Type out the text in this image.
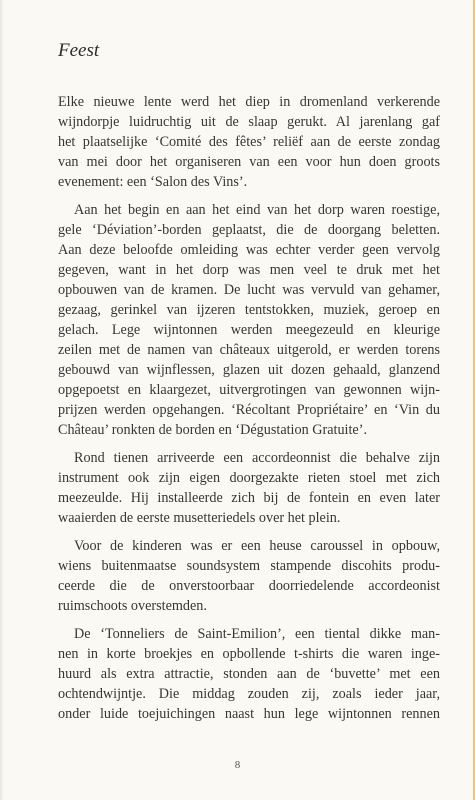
Feest

Elke nieuwe lente werd het diep in dromenland verkerende
wijndorpje luidruchtig uit de slaap gerukt. Al jarenlang gaf
het plaatselijke ‘Comité des fêtes’ reliëf aan de eerste zondag
van mei door het organiseren van een voor hun doen groots
evenement: een ‘Salon des Vins’.

Aan het begin en aan het eind van het dorp waren roestige,
gele ‘Déviation’-borden geplaatst, die de doorgang beletten.
Aan deze beloofde omleiding was echter verder geen vervolg
gegeven, want in het dorp was men veel te druk met het
opbouwen van de kramen. De lucht was vervuld van gehamer,
gezaag, gerinkel van ijzeren tentstokken, muziek, geroep en
gelach. Lege wijntonnen werden meegezeuld en kleurige
zeilen met de namen van châteaux uitgerold, er werden torens
gebouwd van wijnflessen, glazen uit dozen gehaald, glanzend
opgepoetst en klaargezet, uitvergrotingen van gewonnen wijn-
prijzen werden opgehangen. ‘Récoltant Propriétaire’ en ‘Vin du
Château’ ronkten de borden en ‘Dégustation Gratuite’.

Rond tienen arriveerde een accordeonnist die behalve zijn
instrument ook zijn eigen doorgezakte rieten stoel met zich
meezeulde. Hij installeerde zich bij de fontein en even later
waaierden de eerste musetteriedels over het plein.

Voor de kinderen was er een heuse caroussel in opbouw,
wiens buitenmaatse soundsystem stampende discohits produ-
ceerde die de onverstoorbaar doorriedelende accordeonist
ruimschoots overstemden.

De ‘Tonneliers de Saint-Emilion’, een tiental dikke man-
nen in korte broekjes en opbollende t-shirts die waren inge-
huurd als extra attractie, stonden aan de ‘buvette’ met een
ochtendwijntje. Die middag zouden zij, zoals ieder jaar,
onder luide toejuichingen naast hun lege wijntonnen rennen

8
